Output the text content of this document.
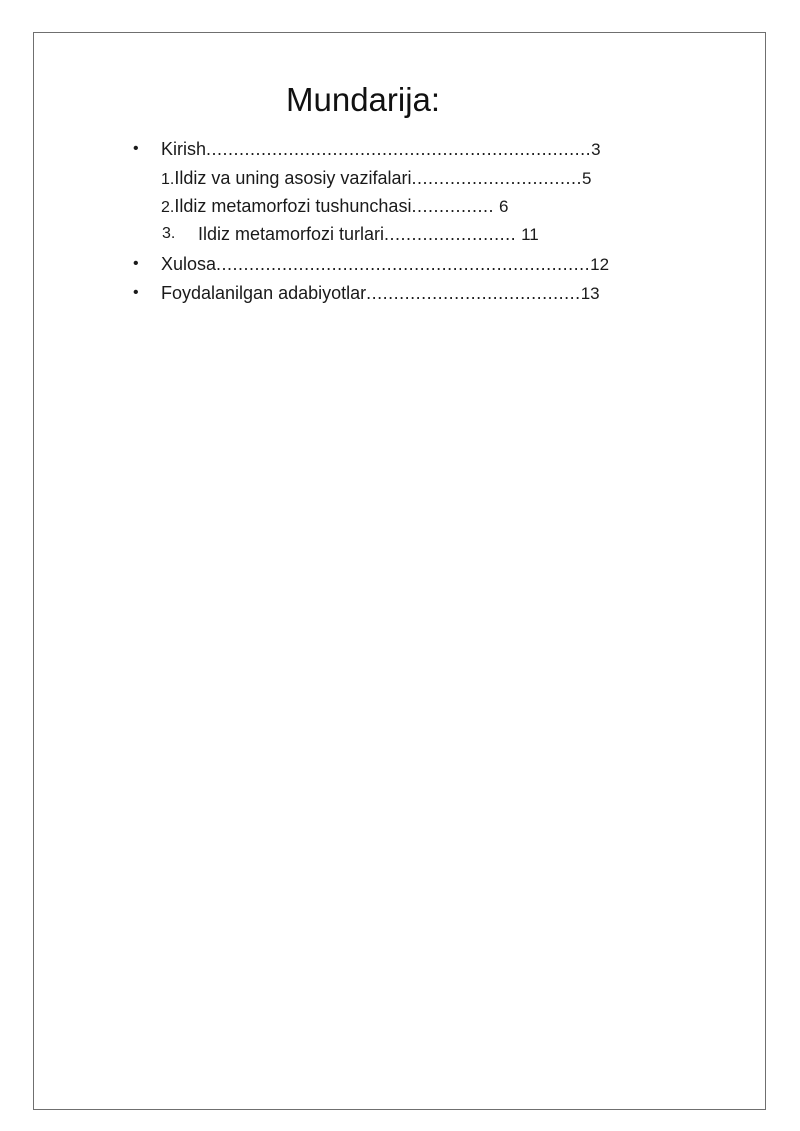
Mundarija:
• Kirish......................................................................3
1.Ildiz va uning asosiy vazifalari...............................5
2.Ildiz metamorfozi tushunchasi............... 6
3. Ildiz metamorfozi turlari........................ 11
• Xulosa....................................................................12
• Foydalanilgan adabiyotlar.......................................13
